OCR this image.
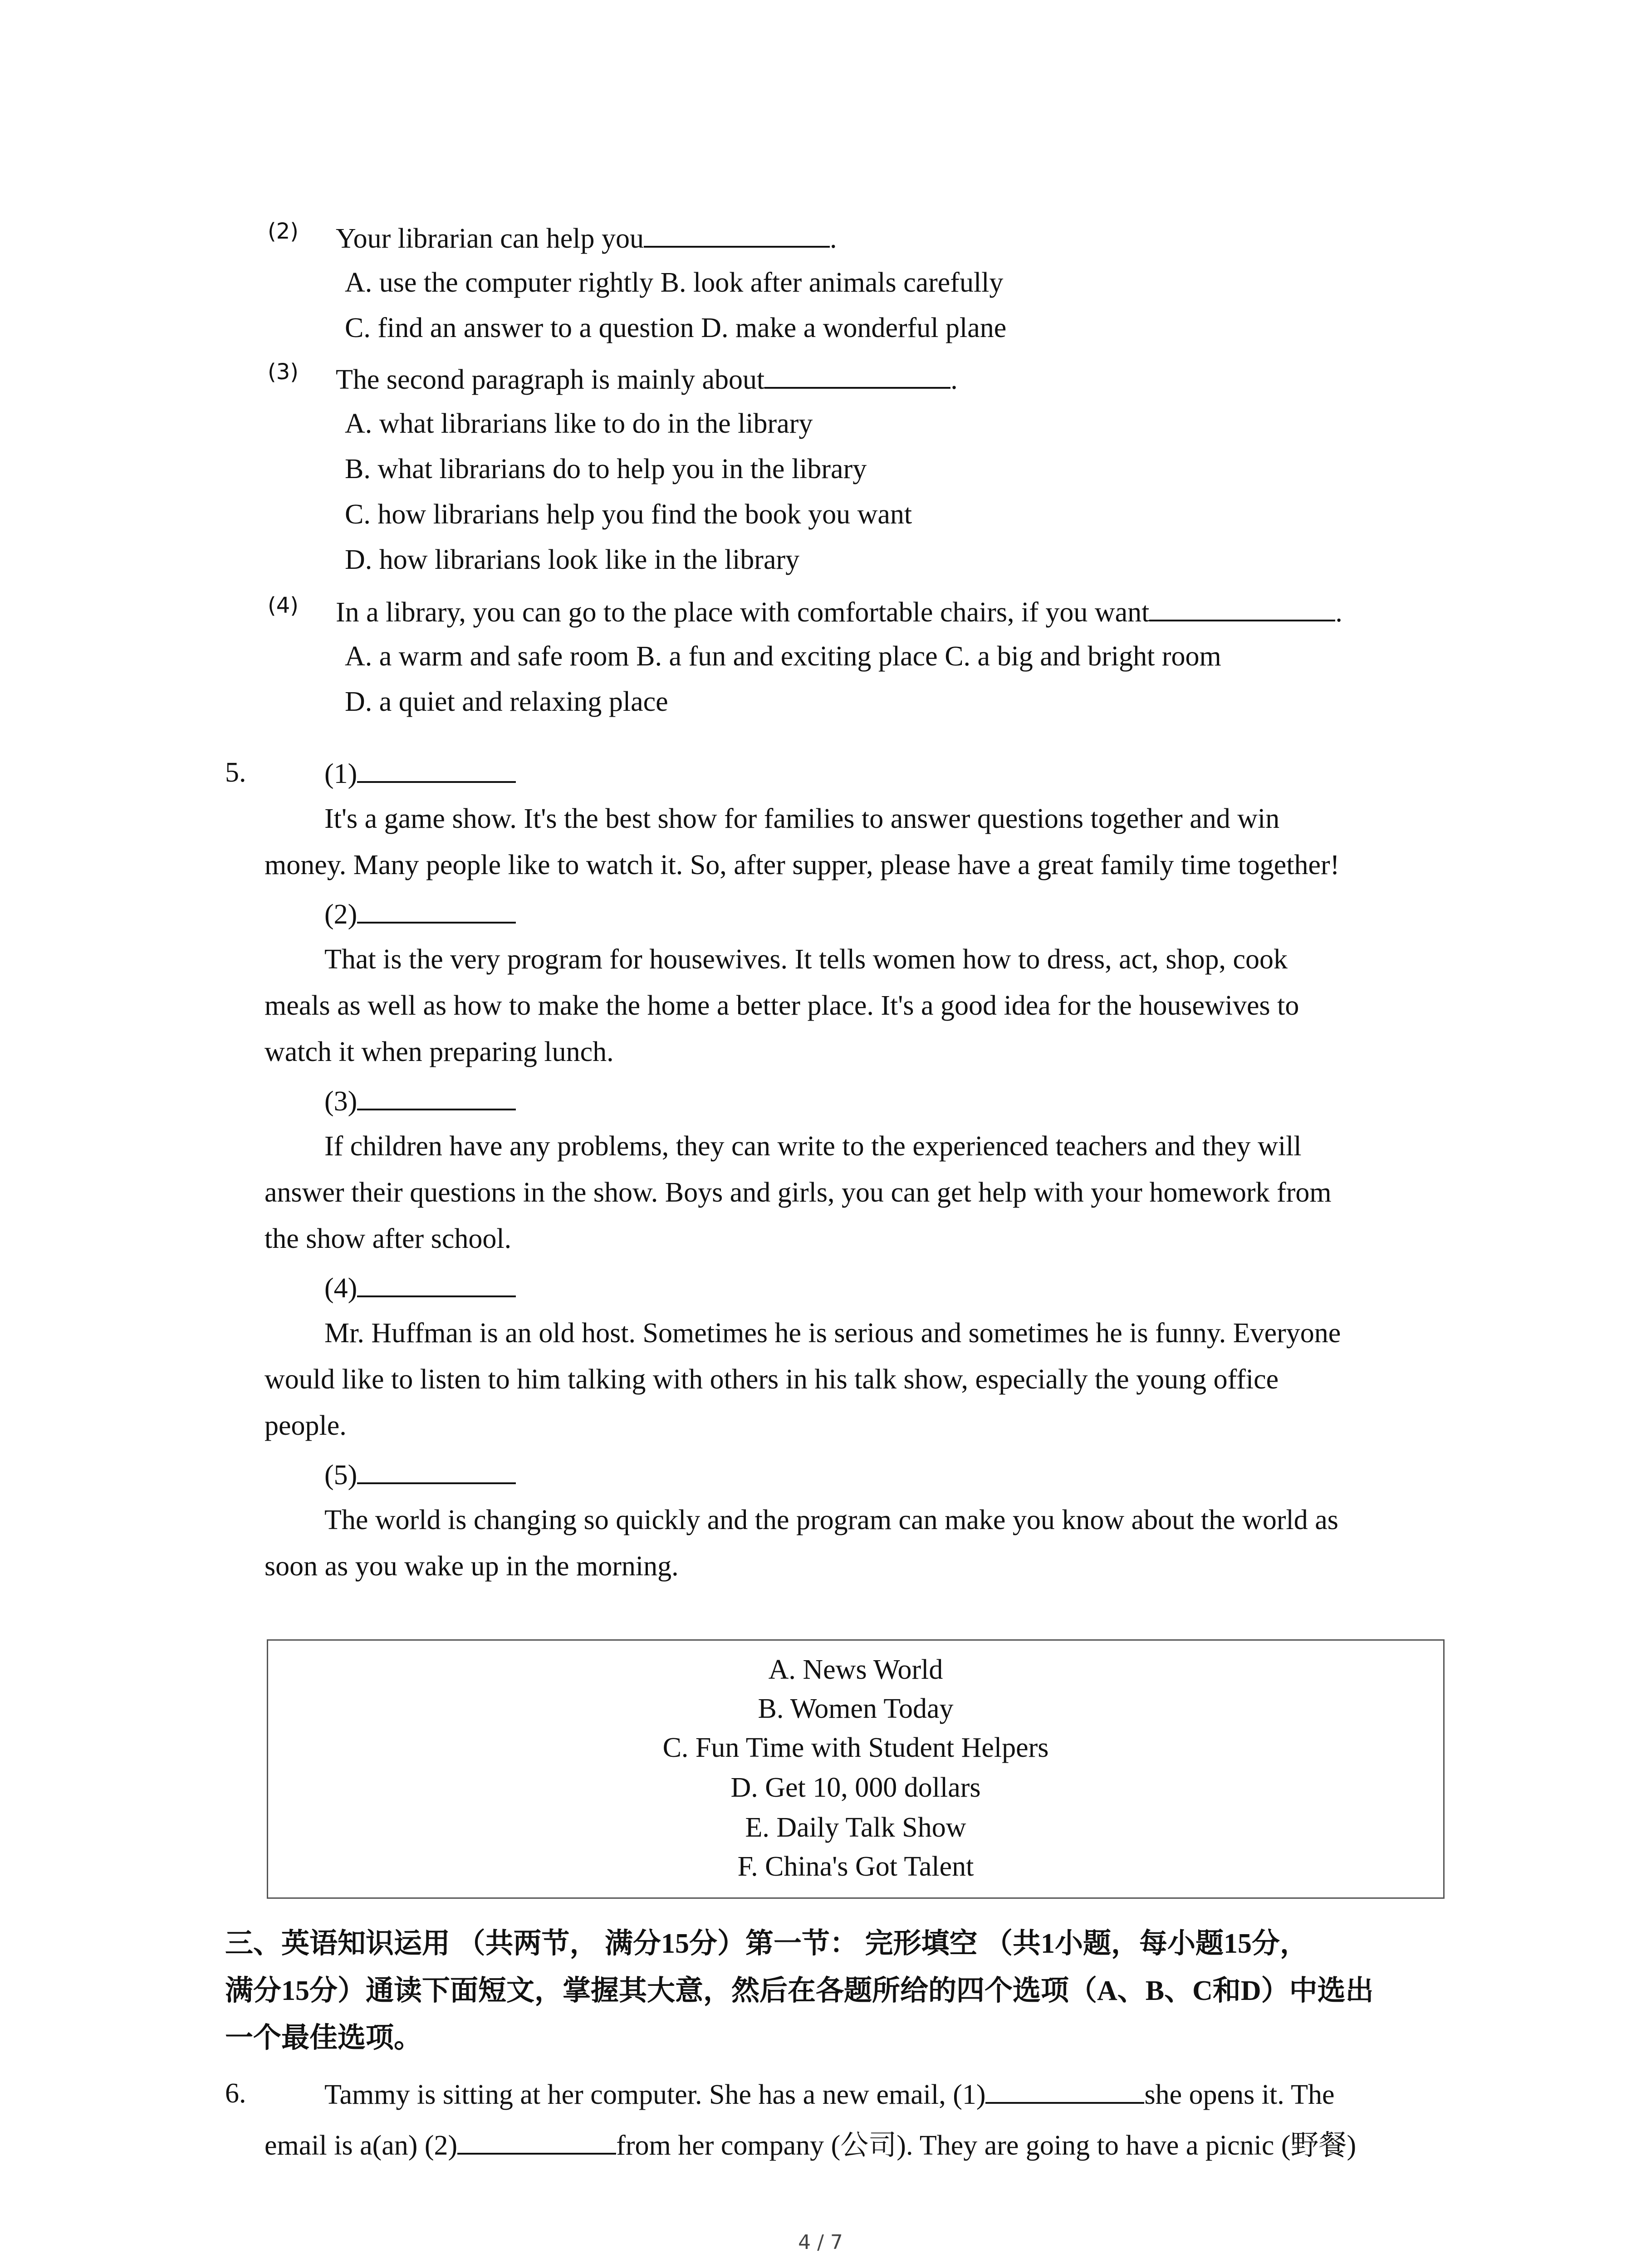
(2) Your librarian can help you	.
A. use the computer rightly B. look after animals carefully
C. find an answer to a question D. make a wonderful plane
(3) The second paragraph is mainly about	.
A. what librarians like to do in the library
B. what librarians do to help you in the library
C. how librarians help you find the book you want
D. how librarians look like in the library
(4) In a library, you can go to the place with comfortable chairs, if you want	.
A. a warm and safe room B. a fun and exciting place C. a big and bright room
D. a quiet and relaxing place
5.	(1)
It's a game show. It's the best show for families to answer questions together and win
money. Many people like to watch it. So, after supper, please have a great family time together!
(2)
That is the very program for housewives. It tells women how to dress, act, shop, cook
meals as well as how to make the home a better place. It's a good idea for the housewives to
watch it when preparing lunch.
(3)
If children have any problems, they can write to the experienced teachers and they will
answer their questions in the show. Boys and girls, you can get help with your homework from
the show after school.
(4)
Mr. Huffman is an old host. Sometimes he is serious and sometimes he is funny. Everyone
would like to listen to him talking with others in his talk show, especially the young office
people.
(5)
The world is changing so quickly and the program can make you know about the world as
soon as you wake up in the morning.
A. News World
B. Women Today
C. Fun Time with Student Helpers
D. Get 10, 000 dollars
E. Daily Talk Show
F. China's Got Talent
三、英语知识运用 （共两节， 满分15分）第一节： 完形填空 （共1小题，每小题15分，
满分15分）通读下面短文，掌握其大意，然后在各题所给的四个选项（A、B、C和D）中选出
一个最佳选项。
6.	Tammy is sitting at her computer. She has a new email, (1)	she opens it. The
email is a(an) (2)	from her company (公司). They are going to have a picnic (野餐)
4 / 7
